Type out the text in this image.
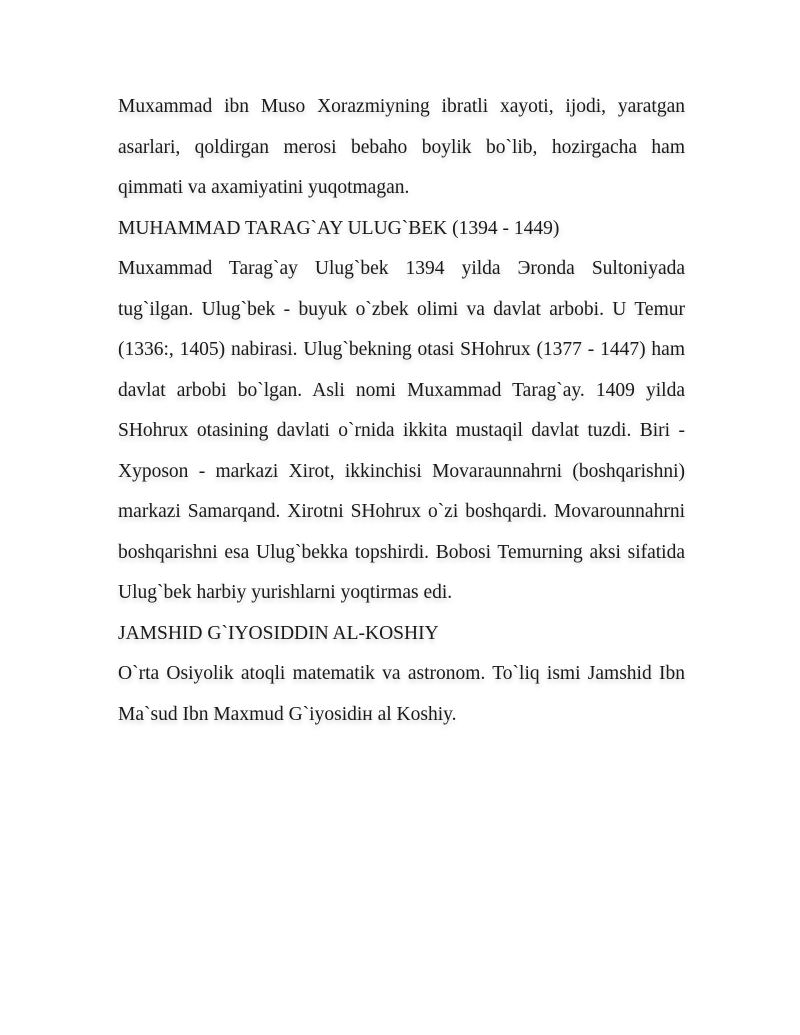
Muxammad ibn Muso Xorazmiyning ibratli xayoti, ijodi, yaratgan asarlari, qoldirgan merosi bebaho boylik bo`lib, hozirgacha ham qimmati va axamiyatini yuqotmagan.

MUHAMMAD TARAG`AY ULUG`BEK (1394 - 1449)

Muxammad Tarag`ay Ulug`bek 1394 yilda Эronda Sultoniyada tug`ilgan. Ulug`bek - buyuk o`zbek olimi va davlat arbobi. U Temur (1336:, 1405) nabirasi. Ulug`bekning otasi SHohrux (1377 - 1447) ham davlat arbobi bo`lgan. Asli nomi Muxammad Tarag`ay. 1409 yilda SHohrux otasining davlati o`rnida ikkita mustaqil davlat tuzdi. Biri - Xyposon - markazi Xirot, ikkinchisi Movaraunnahrni (boshqarishni) markazi Samarqand. Xirotni SHohrux o`zi boshqardi. Movarounnahrni boshqarishni esa Ulug`bekka topshirdi. Bobosi Temurning aksi sifatida Ulug`bek harbiy yurishlarni yoqtirmas edi.

JAMSHID G`IYOSIDDIN AL-KOSHIY

O`rta Osiyolik atoqli matematik va astronom. To`liq ismi Jamshid Ibn Ma`sud Ibn Maxmud G`iyosidiн al Koshiy.
